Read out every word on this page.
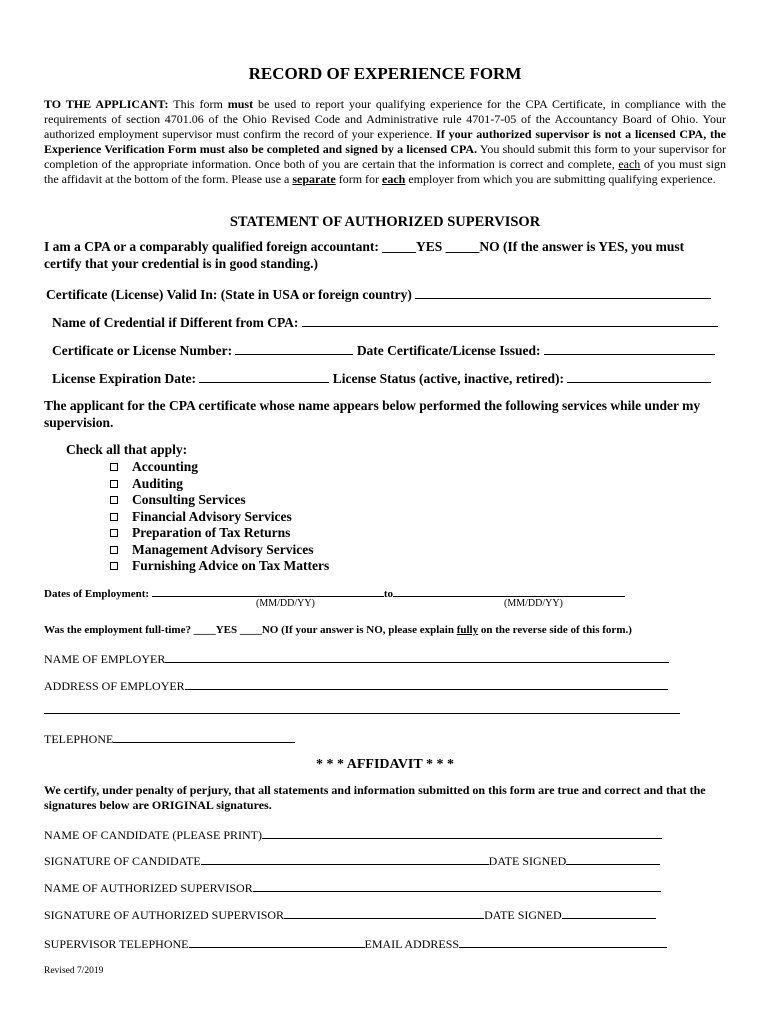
RECORD OF EXPERIENCE FORM

TO THE APPLICANT: This form must be used to report your qualifying experience for the CPA Certificate, in compliance with the requirements of section 4701.06 of the Ohio Revised Code and Administrative rule 4701-7-05 of the Accountancy Board of Ohio. Your authorized employment supervisor must confirm the record of your experience. If your authorized supervisor is not a licensed CPA, the Experience Verification Form must also be completed and signed by a licensed CPA. You should submit this form to your supervisor for completion of the appropriate information. Once both of you are certain that the information is correct and complete, each of you must sign the affidavit at the bottom of the form. Please use a separate form for each employer from which you are submitting qualifying experience.

STATEMENT OF AUTHORIZED SUPERVISOR
I am a CPA or a comparably qualified foreign accountant: _____YES _____NO (If the answer is YES, you must
certify that your credential is in good standing.)
Certificate (License) Valid In: (State in USA or foreign country)
Name of Credential if Different from CPA:
Certificate or License Number:	Date Certificate/License Issued:
License Expiration Date:	License Status (active, inactive, retired):

The applicant for the CPA certificate whose name appears below performed the following services while under my supervision.

Check all that apply:
Accounting
Auditing
Consulting Services
Financial Advisory Services
Preparation of Tax Returns
Management Advisory Services
Furnishing Advice on Tax Matters
Dates of Employment:	to
(MM/DD/YY)	(MM/DD/YY)
Was the employment full-time? ____YES ____NO (If your answer is NO, please explain fully on the reverse side of this form.)
NAME OF EMPLOYER
ADDRESS OF EMPLOYER
TELEPHONE
* * * AFFIDAVIT * * *

We certify, under penalty of perjury, that all statements and information submitted on this form are true and correct and that the signatures below are ORIGINAL signatures.

NAME OF CANDIDATE (PLEASE PRINT)
SIGNATURE OF CANDIDATE	DATE SIGNED
NAME OF AUTHORIZED SUPERVISOR
SIGNATURE OF AUTHORIZED SUPERVISOR	DATE SIGNED
SUPERVISOR TELEPHONE	EMAIL ADDRESS
Revised 7/2019
